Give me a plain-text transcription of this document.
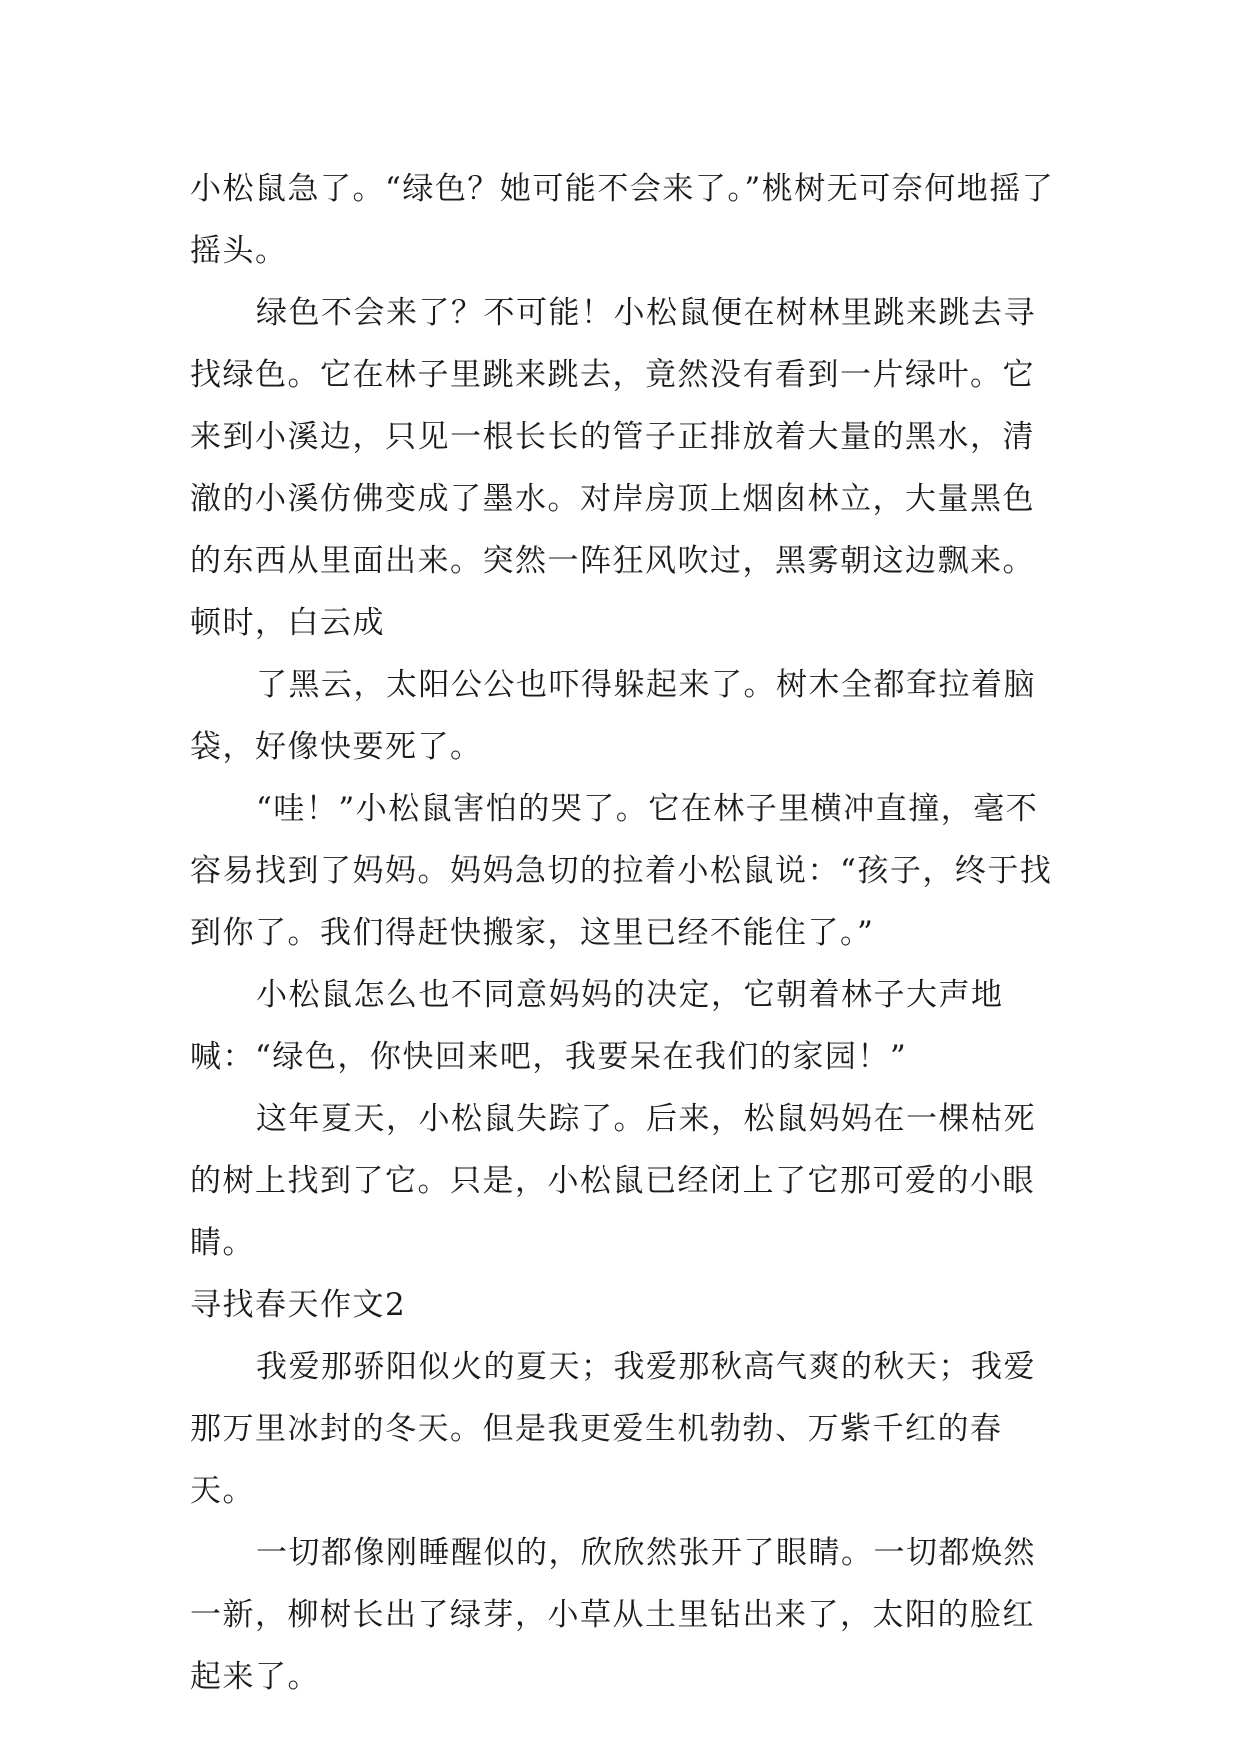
小松鼠急了。“绿色？她可能不会来了。”桃树无可奈何地摇了摇头。

绿色不会来了？不可能！小松鼠便在树林里跳来跳去寻找绿色。它在林子里跳来跳去，竟然没有看到一片绿叶。它来到小溪边，只见一根长长的管子正排放着大量的黑水，清澈的小溪仿佛变成了墨水。对岸房顶上烟囱林立，大量黑色的东西从里面出来。突然一阵狂风吹过，黑雾朝这边飘来。

顿时，白云成

了黑云，太阳公公也吓得躲起来了。树木全都耷拉着脑袋，好像快要死了。

“哇！”小松鼠害怕的哭了。它在林子里横冲直撞，毫不容易找到了妈妈。妈妈急切的拉着小松鼠说：“孩子，终于找到你了。我们得赶快搬家，这里已经不能住了。”

小松鼠怎么也不同意妈妈的决定，它朝着林子大声地喊：“绿色，你快回来吧，我要呆在我们的家园！”

这年夏天，小松鼠失踪了。后来，松鼠妈妈在一棵枯死的树上找到了它。只是，小松鼠已经闭上了它那可爱的小眼睛。

寻找春天作文2

我爱那骄阳似火的夏天；我爱那秋高气爽的秋天；我爱那万里冰封的冬天。但是我更爱生机勃勃、万紫千红的春天。

一切都像刚睡醒似的，欣欣然张开了眼睛。一切都焕然一新，柳树长出了绿芽，小草从土里钻出来了，太阳的脸红起来了。
